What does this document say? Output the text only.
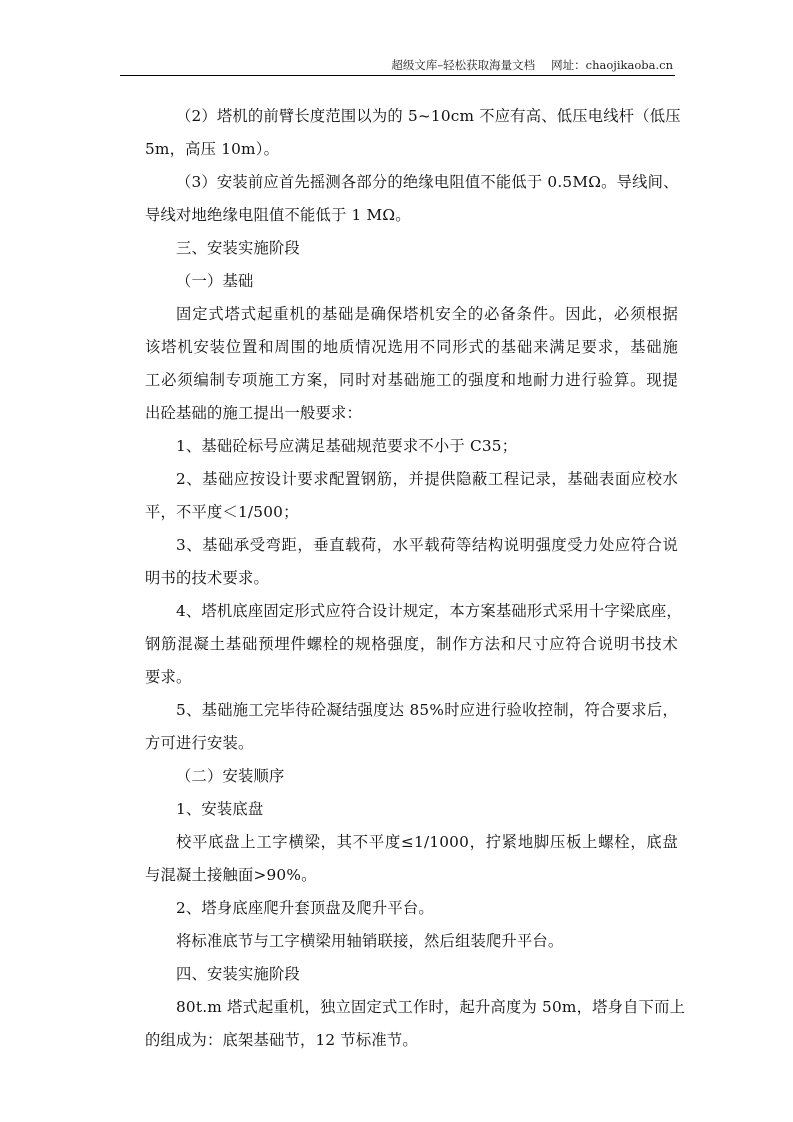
超级文库–轻松获取海量文档 网址：chaojikaoba.cn
（2）塔机的前臂长度范围以为的 5~10cm 不应有高、低压电线杆（低压
5m，高压 10m）。
（3）安装前应首先摇测各部分的绝缘电阻值不能低于 0.5MΩ。导线间、
导线对地绝缘电阻值不能低于 1 MΩ。
三、安装实施阶段
（一）基础
固定式塔式起重机的基础是确保塔机安全的必备条件。因此，必须根据
该塔机安装位置和周围的地质情况选用不同形式的基础来满足要求，基础施
工必须编制专项施工方案，同时对基础施工的强度和地耐力进行验算。现提
出砼基础的施工提出一般要求：
1、基础砼标号应满足基础规范要求不小于 C35；
2、基础应按设计要求配置钢筋，并提供隐蔽工程记录，基础表面应校水
平，不平度＜1/500；
3、基础承受弯距，垂直载荷，水平载荷等结构说明强度受力处应符合说
明书的技术要求。
4、塔机底座固定形式应符合设计规定，本方案基础形式采用十字梁底座，
钢筋混凝土基础预埋件螺栓的规格强度，制作方法和尺寸应符合说明书技术
要求。
5、基础施工完毕待砼凝结强度达 85%时应进行验收控制，符合要求后，
方可进行安装。
（二）安装顺序
1、安装底盘
校平底盘上工字横梁，其不平度≤1/1000，拧紧地脚压板上螺栓，底盘
与混凝土接触面>90%。
2、塔身底座爬升套顶盘及爬升平台。
将标准底节与工字横梁用轴销联接，然后组装爬升平台。
四、安装实施阶段
80t.m 塔式起重机，独立固定式工作时，起升高度为 50m，塔身自下而上
的组成为：底架基础节，12 节标准节。
